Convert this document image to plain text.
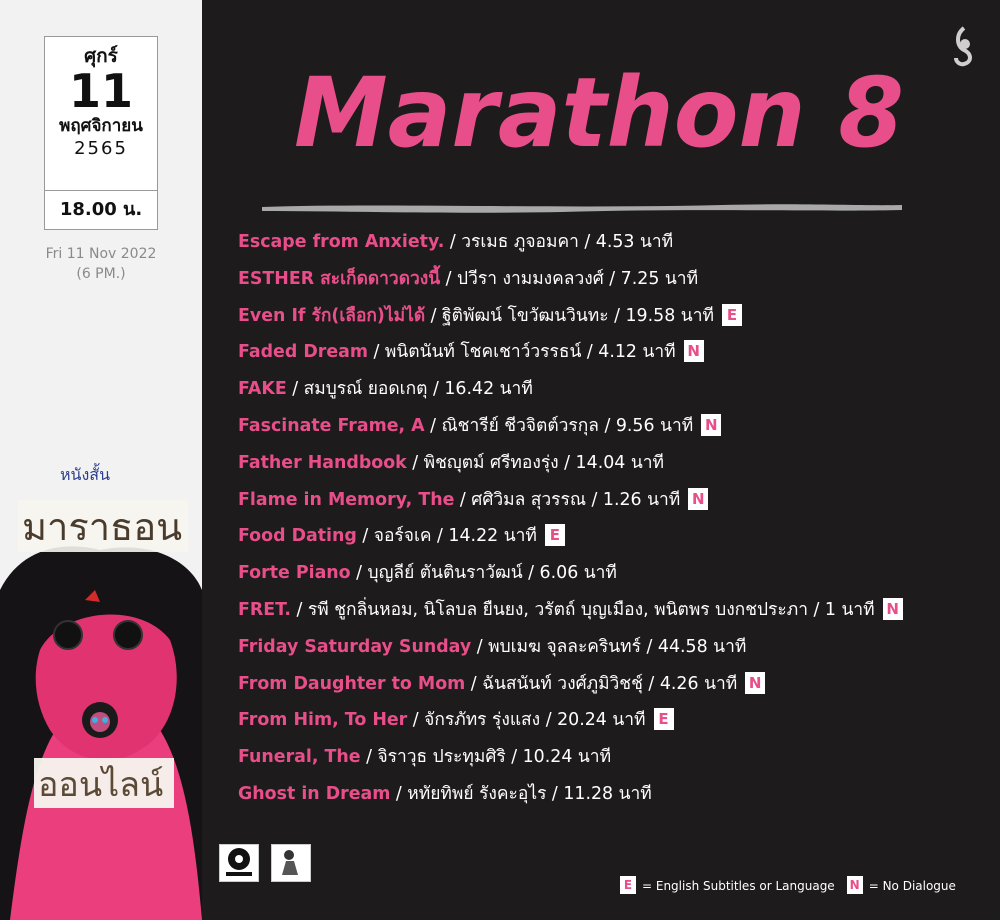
ศุกร์
11
พฤศจิกายน
2565
18.00 น.
Fri 11 Nov 2022
(6 PM.)
หนังสั้น
มาราธอน
ออนไลน์
Marathon 8
Escape from Anxiety. / วรเมธ ภูจอมคา / 4.53 นาที
ESTHER สะเก็ดดาวดวงนี้ / ปวีรา งามมงคลวงศ์ / 7.25 นาที
Even If รัก(เลือก)ไม่ได้ / ฐิติพัฒน์ โขวัฒนวินทะ / 19.58 นาที E
Faded Dream / พนิตนันท์ โชคเชาว์วรรธน์ / 4.12 นาที N
FAKE / สมบูรณ์ ยอดเกตุ / 16.42 นาที
Fascinate Frame, A / ณิชารีย์ ชีวจิตต์วรกุล / 9.56 นาที N
Father Handbook / พิชญุตม์ ศรีทองรุ่ง / 14.04 นาที
Flame in Memory, The / ศศิวิมล สุวรรณ / 1.26 นาที N
Food Dating / จอร์จเค / 14.22 นาที E
Forte Piano / บุญลีย์ ตันตินราวัฒน์ / 6.06 นาที
FRET. / รพี ชูกลิ่นหอม, นิโลบล ยืนยง, วรัตถ์ บุญเมือง, พนิตพร บงกชประภา / 1 นาที N
Friday Saturday Sunday / พบเมฆ จุลละครินทร์ / 44.58 นาที
From Daughter to Mom / ฉันสนันท์ วงศ์ภูมิวิชชุ์ / 4.26 นาที N
From Him, To Her / จักรภัทร รุ่งแสง / 20.24 นาที E
Funeral, The / จิราวุธ ประทุมศิริ / 10.24 นาที
Ghost in Dream / หทัยทิพย์ รังคะอุไร / 11.28 นาที
E = English Subtitles or Language N = No Dialogue
